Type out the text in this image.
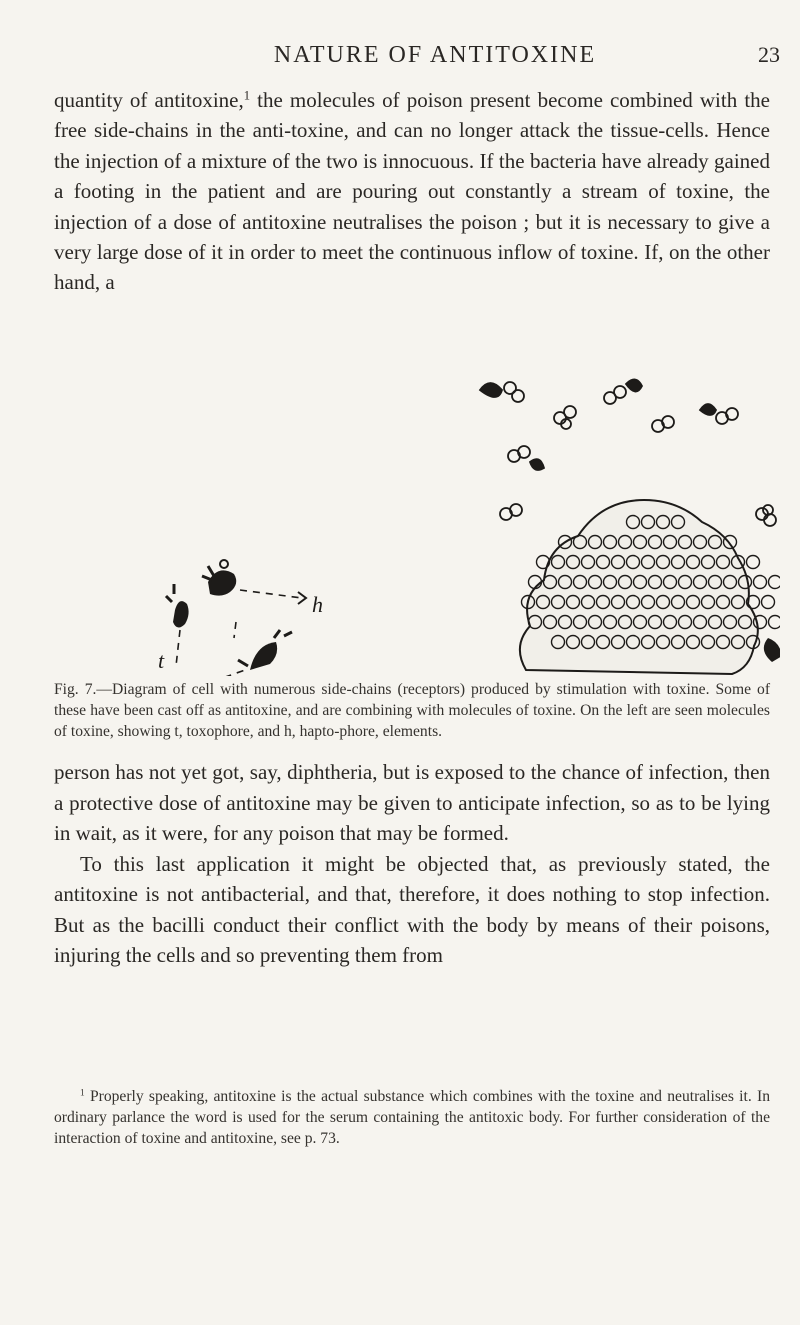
NATURE OF ANTITOXINE	23

quantity of antitoxine,$^1$ the molecules of poison present become combined with the free side-chains in the anti-toxine, and can no longer attack the tissue-cells. Hence the injection of a mixture of the two is innocuous. If the bacteria have already gained a footing in the patient and are pouring out constantly a stream of toxine, the injection of a dose of antitoxine neutralises the poison ; but it is necessary to give a very large dose of it in order to meet the continuous inflow of toxine. If, on the other hand, a

h
t

Fig. 7.—Diagram of cell with numerous side-chains (receptors) produced by stimulation with toxine. Some of these have been cast off as antitoxine, and are combining with molecules of toxine. On the left are seen molecules of toxine, showing t, toxophore, and h, hapto-phore, elements.

person has not yet got, say, diphtheria, but is exposed to the chance of infection, then a protective dose of antitoxine may be given to anticipate infection, so as to be lying in wait, as it were, for any poison that may be formed.

To this last application it might be objected that, as previously stated, the antitoxine is not antibacterial, and that, therefore, it does nothing to stop infection. But as the bacilli conduct their conflict with the body by means of their poisons, injuring the cells and so preventing them from

$^1$ Properly speaking, antitoxine is the actual substance which combines with the toxine and neutralises it. In ordinary parlance the word is used for the serum containing the antitoxic body. For further consideration of the interaction of toxine and antitoxine, see p. 73.
